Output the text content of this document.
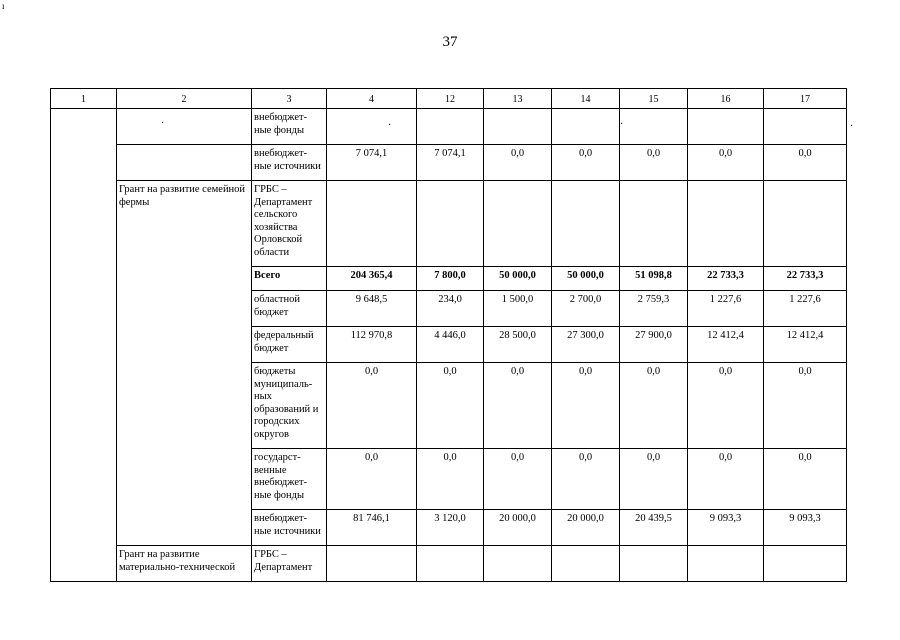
ı
·	·	·	·
37
1	2	3	4	12	13	14	15	16	17
		внебюджет-ные фонды							
		внебюджет-ные источники	7 074,1	7 074,1	0,0	0,0	0,0	0,0	0,0
	Грант на развитие семейной фермы	ГРБС – Департамент сельского хозяйства Орловской области							
		Всего	204 365,4	7 800,0	50 000,0	50 000,0	51 098,8	22 733,3	22 733,3
		областной бюджет	9 648,5	234,0	1 500,0	2 700,0	2 759,3	1 227,6	1 227,6
		федеральный бюджет	112 970,8	4 446,0	28 500,0	27 300,0	27 900,0	12 412,4	12 412,4
		бюджеты муниципаль-ных образований и городских округов	0,0	0,0	0,0	0,0	0,0	0,0	0,0
		государст-венные внебюджет-ные фонды	0,0	0,0	0,0	0,0	0,0	0,0	0,0
		внебюджет-ные источники	81 746,1	3 120,0	20 000,0	20 000,0	20 439,5	9 093,3	9 093,3
	Грант на развитие материально-технической	ГРБС – Департамент							
